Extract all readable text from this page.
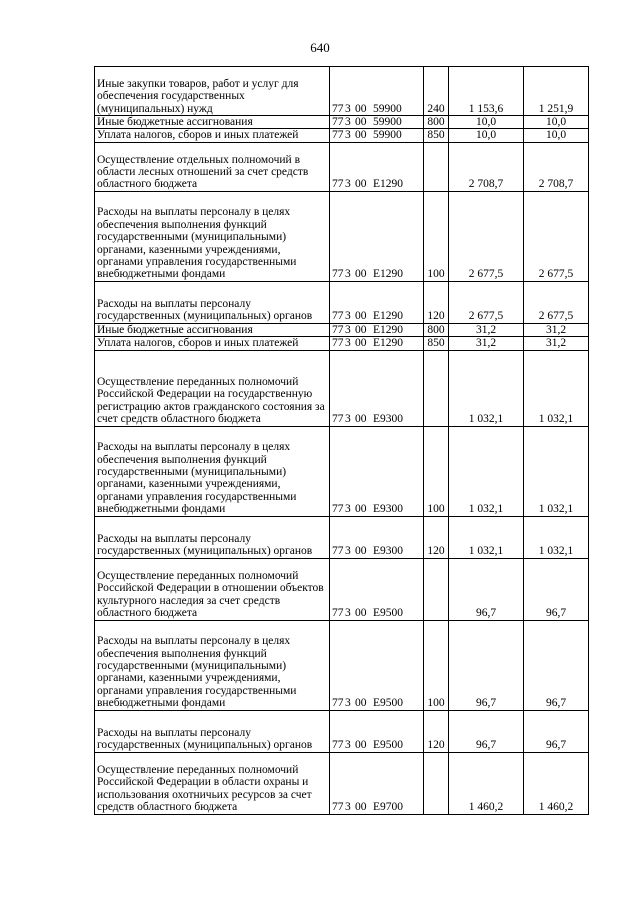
640
Иные закупки товаров, работ и услуг для обеспечения государственных (муниципальных) нужд	77 3 00 59900	240	1 153,6	1 251,9
Иные бюджетные ассигнования	77 3 00 59900	800	10,0	10,0
Уплата налогов, сборов и иных платежей	77 3 00 59900	850	10,0	10,0
Осуществление отдельных полномочий в области лесных отношений за счет средств областного бюджета	77 3 00 E1290		2 708,7	2 708,7
Расходы на выплаты персоналу в целях обеспечения выполнения функций государственными (муниципальными) органами, казенными учреждениями, органами управления государственными внебюджетными фондами	77 3 00 E1290	100	2 677,5	2 677,5
Расходы на выплаты персоналу государственных (муниципальных) органов	77 3 00 E1290	120	2 677,5	2 677,5
Иные бюджетные ассигнования	77 3 00 E1290	800	31,2	31,2
Уплата налогов, сборов и иных платежей	77 3 00 E1290	850	31,2	31,2
Осуществление переданных полномочий Российской Федерации на государственную регистрацию актов гражданского состояния за счет средств областного бюджета	77 3 00 E9300		1 032,1	1 032,1
Расходы на выплаты персоналу в целях обеспечения выполнения функций государственными (муниципальными) органами, казенными учреждениями, органами управления государственными внебюджетными фондами	77 3 00 E9300	100	1 032,1	1 032,1
Расходы на выплаты персоналу государственных (муниципальных) органов	77 3 00 E9300	120	1 032,1	1 032,1
Осуществление переданных полномочий Российской Федерации в отношении объектов культурного наследия за счет средств областного бюджета	77 3 00 E9500		96,7	96,7
Расходы на выплаты персоналу в целях обеспечения выполнения функций государственными (муниципальными) органами, казенными учреждениями, органами управления государственными внебюджетными фондами	77 3 00 E9500	100	96,7	96,7
Расходы на выплаты персоналу государственных (муниципальных) органов	77 3 00 E9500	120	96,7	96,7
Осуществление переданных полномочий Российской Федерации в области охраны и использования охотничьих ресурсов за счет средств областного бюджета	77 3 00 E9700		1 460,2	1 460,2
